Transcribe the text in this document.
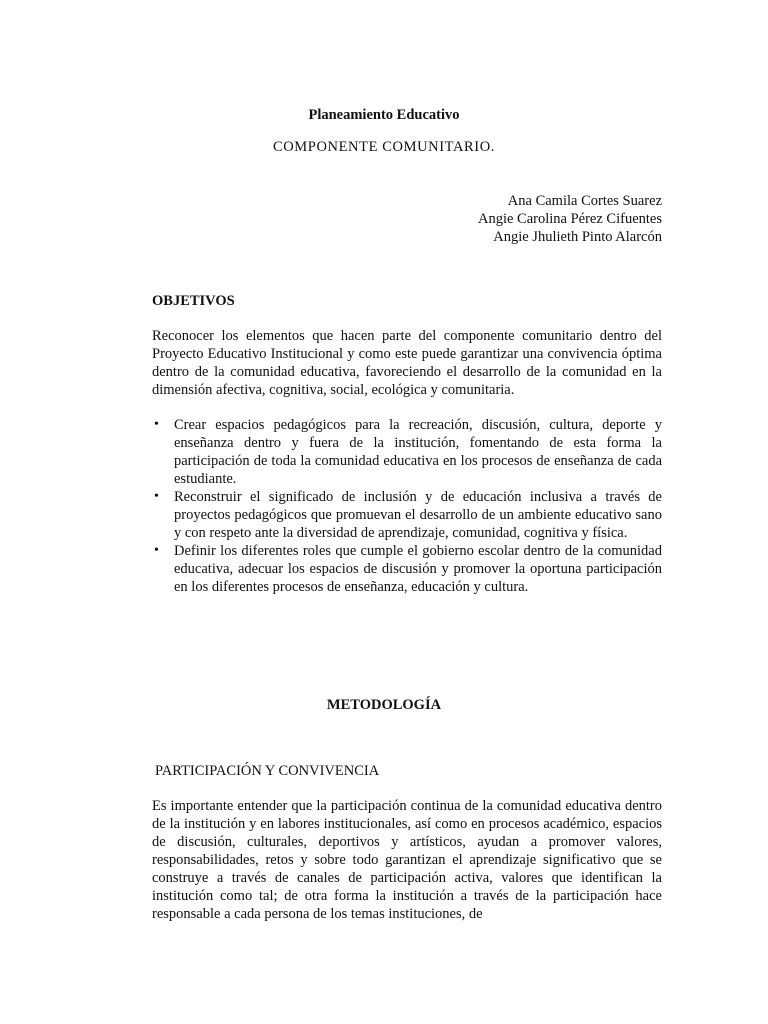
Planeamiento Educativo
COMPONENTE COMUNITARIO.
Ana Camila Cortes Suarez
Angie Carolina Pérez Cifuentes
Angie Jhulieth Pinto Alarcón
OBJETIVOS
Reconocer los elementos que hacen parte del componente comunitario dentro del Proyecto Educativo Institucional y como este puede garantizar una convivencia óptima dentro de la comunidad educativa, favoreciendo el desarrollo de la comunidad en la dimensión afectiva, cognitiva, social, ecológica y comunitaria.
• Crear espacios pedagógicos para la recreación, discusión, cultura, deporte y enseñanza dentro y fuera de la institución, fomentando de esta forma la participación de toda la comunidad educativa en los procesos de enseñanza de cada estudiante.
• Reconstruir el significado de inclusión y de educación inclusiva a través de proyectos pedagógicos que promuevan el desarrollo de un ambiente educativo sano y con respeto ante la diversidad de aprendizaje, comunidad, cognitiva y física.
• Definir los diferentes roles que cumple el gobierno escolar dentro de la comunidad educativa, adecuar los espacios de discusión y promover la oportuna participación en los diferentes procesos de enseñanza, educación y cultura.
METODOLOGÍA
PARTICIPACIÓN Y CONVIVENCIA
Es importante entender que la participación continua de la comunidad educativa dentro de la institución y en labores institucionales, así como en procesos académico, espacios de discusión, culturales, deportivos y artísticos, ayudan a promover valores, responsabilidades, retos y sobre todo garantizan el aprendizaje significativo que se construye a través de canales de participación activa, valores que identifican la institución como tal; de otra forma la institución a través de la participación hace responsable a cada persona de los temas instituciones, de
